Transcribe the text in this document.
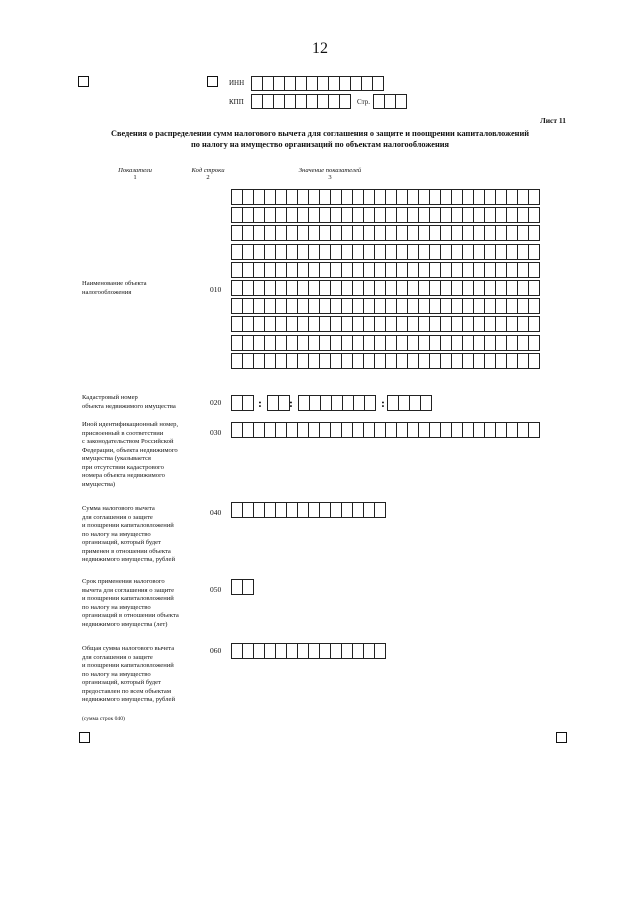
12
ИНН
КПП	Стр.
Лист 11
Сведения о распределении сумм налогового вычета для соглашения о защите и поощрении капиталовложений
по налогу на имущество организаций по объектам налогообложения
Показатели
1
Код строки
2
Значение показателей
3
Наименование объекта
налогообложения	010
Кадастровый номер
объекта недвижимого имущества	020	: :	:
Иной идентификационный номер,
присвоенный в соответствии
с законодательством Российской
Федерации, объекта недвижимого
имущества (указывается
при отсутствии кадастрового
номера объекта недвижимого
имущества)
030
Сумма налогового вычета
для соглашения о защите
и поощрении капиталовложений
по налогу на имущество
организаций, который будет
применен в отношении объекта
недвижимого имущества, рублей
040
Срок применения налогового
вычета для соглашения о защите
и поощрении капиталовложений
по налогу на имущество
организаций в отношении объекта
недвижимого имущества (лет)
050
Общая сумма налогового вычета
для соглашения о защите
и поощрении капиталовложений
по налогу на имущество
организаций, который будет
предоставлен по всем объектам
недвижимого имущества, рублей
(сумма строк 040)
060
